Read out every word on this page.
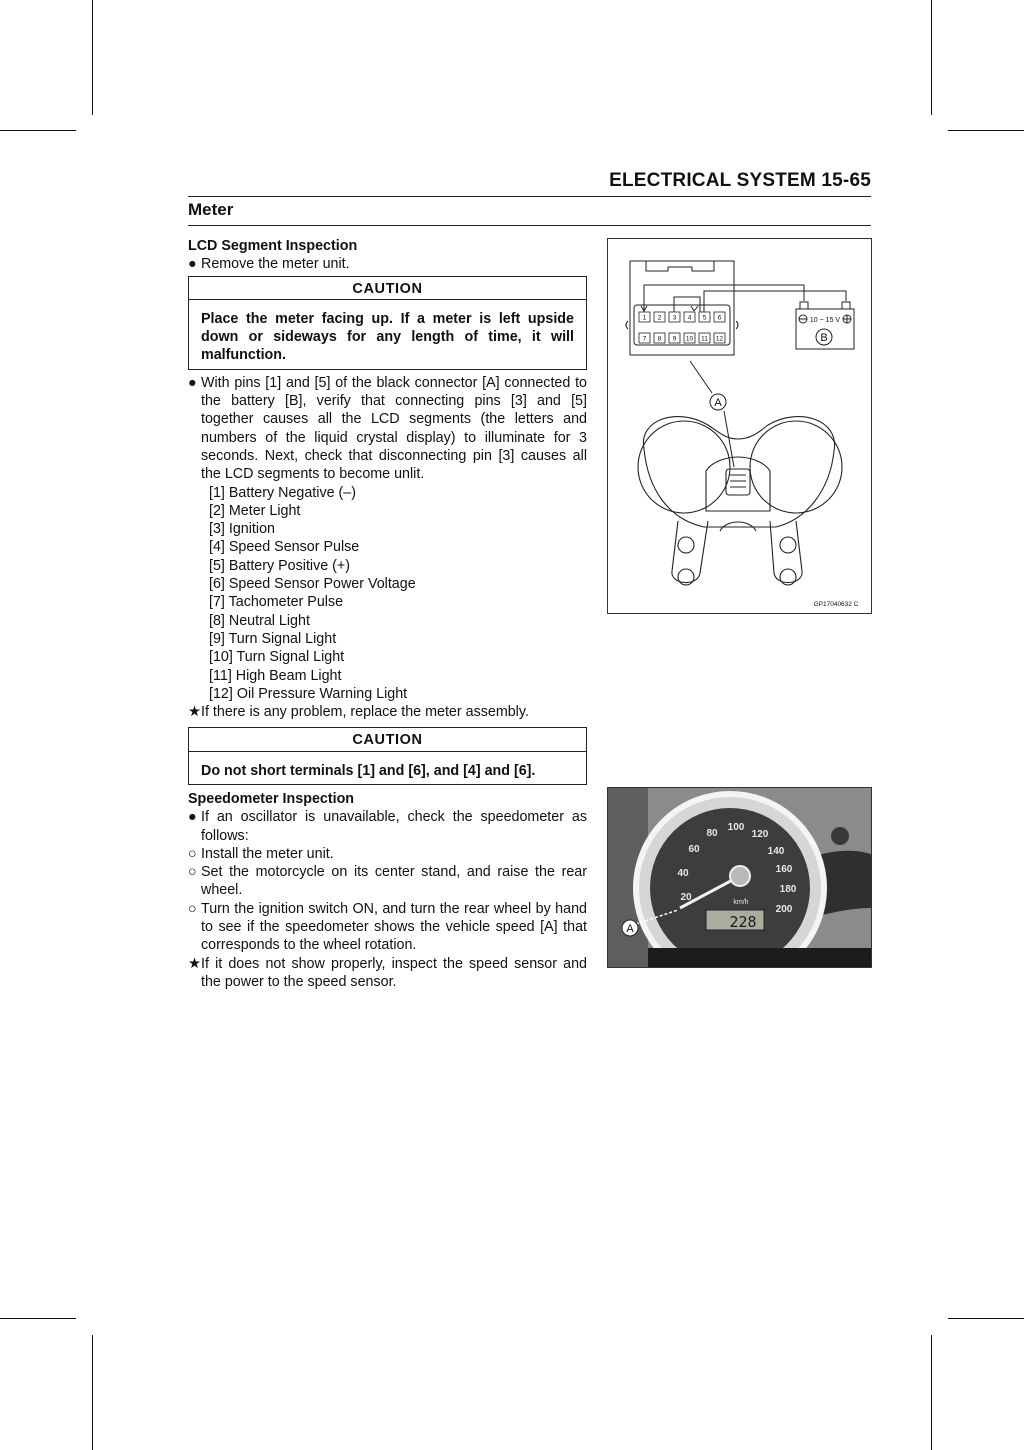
ELECTRICAL SYSTEM 15-65
Meter
LCD Segment Inspection
● Remove the meter unit.
CAUTION
Place the meter facing up. If a meter is left upside down or sideways for any length of time, it will malfunction.
● With pins [1] and [5] of the black connector [A] connected to the battery [B], verify that connecting pins [3] and [5] together causes all the LCD segments (the letters and numbers of the liquid crystal display) to illuminate for 3 seconds. Next, check that disconnecting pin [3] causes all the LCD segments to become unlit.
[1] Battery Negative (–)
[2] Meter Light
[3] Ignition
[4] Speed Sensor Pulse
[5] Battery Positive (+)
[6] Speed Sensor Power Voltage
[7] Tachometer Pulse
[8] Neutral Light
[9] Turn Signal Light
[10] Turn Signal Light
[11] High Beam Light
[12] Oil Pressure Warning Light
★ If there is any problem, replace the meter assembly.
CAUTION
Do not short terminals [1] and [6], and [4] and [6].
Speedometer Inspection
● If an oscillator is unavailable, check the speedometer as follows:
○ Install the meter unit.
○ Set the motorcycle on its center stand, and raise the rear wheel.
○ Turn the ignition switch ON, and turn the rear wheel by hand to see if the speedometer shows the vehicle speed [A] that corresponds to the wheel rotation.
★ If it does not show properly, inspect the speed sensor and the power to the speed sensor.
1 2 3 4 5 6
7 8 9 10 11 12
10 ~ 15 V
B
A
GP17040632 C
20
40
60
80
100
120
140
160
180
200
km/h
228
A
